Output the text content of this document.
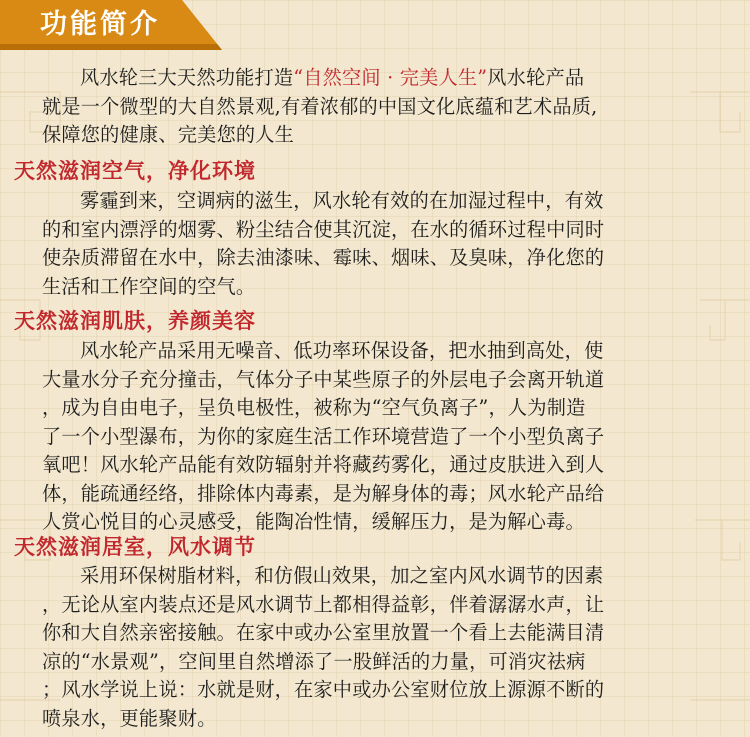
功能简介

风水轮三大天然功能打造“自然空间 · 完美人生”风水轮产品
就是一个微型的大自然景观,有着浓郁的中国文化底蕴和艺术品质,
保障您的健康、完美您的人生

天然滋润空气，净化环境

雾霾到来，空调病的滋生，风水轮有效的在加湿过程中，有效
的和室内漂浮的烟雾、粉尘结合使其沉淀，在水的循环过程中同时
使杂质滞留在水中，除去油漆味、霉味、烟味、及臭味，净化您的
生活和工作空间的空气。

天然滋润肌肤，养颜美容

风水轮产品采用无噪音、低功率环保设备，把水抽到高处，使
大量水分子充分撞击，气体分子中某些原子的外层电子会离开轨道
，成为自由电子，呈负电极性，被称为“空气负离子”，人为制造
了一个小型瀑布，为你的家庭生活工作环境营造了一个小型负离子
氧吧！风水轮产品能有效防辐射并将藏药雾化，通过皮肤进入到人
体，能疏通经络，排除体内毒素，是为解身体的毒；风水轮产品给
人赏心悦目的心灵感受，能陶冶性情，缓解压力，是为解心毒。

天然滋润居室，风水调节

采用环保树脂材料，和仿假山效果，加之室内风水调节的因素
，无论从室内装点还是风水调节上都相得益彰，伴着潺潺水声，让
你和大自然亲密接触。在家中或办公室里放置一个看上去能满目清
凉的“水景观”，空间里自然增添了一股鲜活的力量，可消灾祛病
；风水学说上说：水就是财，在家中或办公室财位放上源源不断的
喷泉水，更能聚财。
